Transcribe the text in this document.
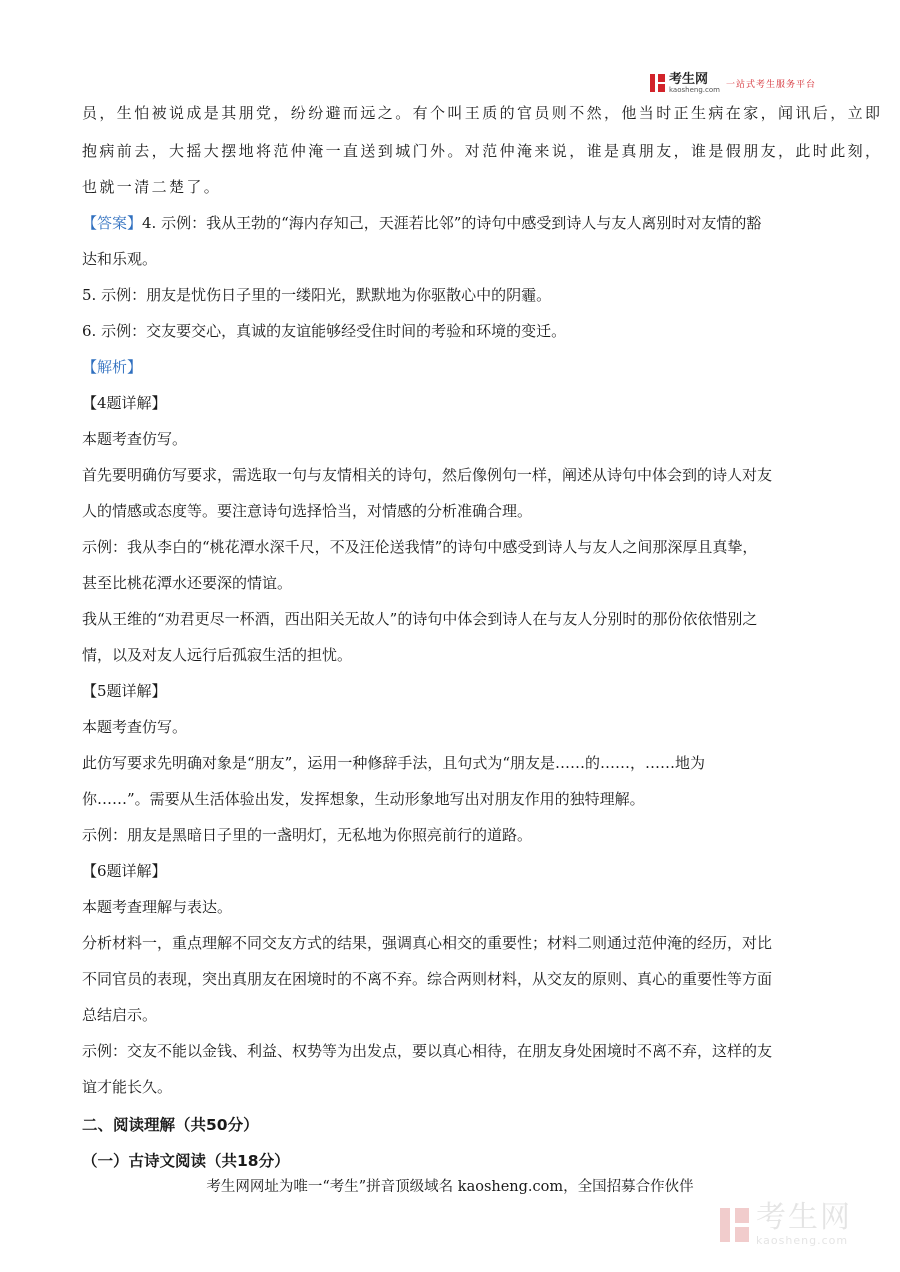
考生网
kaosheng.com 一站式考生服务平台
员，生怕被说成是其朋党，纷纷避而远之。有个叫王质的官员则不然，他当时正生病在家，闻讯后，立即
抱病前去，大摇大摆地将范仲淹一直送到城门外。对范仲淹来说，谁是真朋友，谁是假朋友，此时此刻，
也就一清二楚了。
【答案】4. 示例：我从王勃的“海内存知己，天涯若比邻”的诗句中感受到诗人与友人离别时对友情的豁
达和乐观。
5. 示例：朋友是忧伤日子里的一缕阳光，默默地为你驱散心中的阴霾。
6. 示例：交友要交心，真诚的友谊能够经受住时间的考验和环境的变迁。
【解析】
【4题详解】
本题考查仿写。
首先要明确仿写要求，需选取一句与友情相关的诗句，然后像例句一样，阐述从诗句中体会到的诗人对友
人的情感或态度等。要注意诗句选择恰当，对情感的分析准确合理。
示例：我从李白的“桃花潭水深千尺，不及汪伦送我情”的诗句中感受到诗人与友人之间那深厚且真挚，
甚至比桃花潭水还要深的情谊。
我从王维的“劝君更尽一杯酒，西出阳关无故人”的诗句中体会到诗人在与友人分别时的那份依依惜别之
情，以及对友人远行后孤寂生活的担忧。
【5题详解】
本题考查仿写。
此仿写要求先明确对象是“朋友”，运用一种修辞手法，且句式为“朋友是……的……，……地为
你……”。需要从生活体验出发，发挥想象，生动形象地写出对朋友作用的独特理解。
示例：朋友是黑暗日子里的一盏明灯，无私地为你照亮前行的道路。
【6题详解】
本题考查理解与表达。
分析材料一，重点理解不同交友方式的结果，强调真心相交的重要性；材料二则通过范仲淹的经历，对比
不同官员的表现，突出真朋友在困境时的不离不弃。综合两则材料，从交友的原则、真心的重要性等方面
总结启示。
示例：交友不能以金钱、利益、权势等为出发点，要以真心相待，在朋友身处困境时不离不弃，这样的友
谊才能长久。
二、阅读理解（共50分）
（一）古诗文阅读（共18分）
考生网网址为唯一“考生”拼音顶级域名 kaosheng.com，全国招募合作伙伴
考生网
kaosheng.com
